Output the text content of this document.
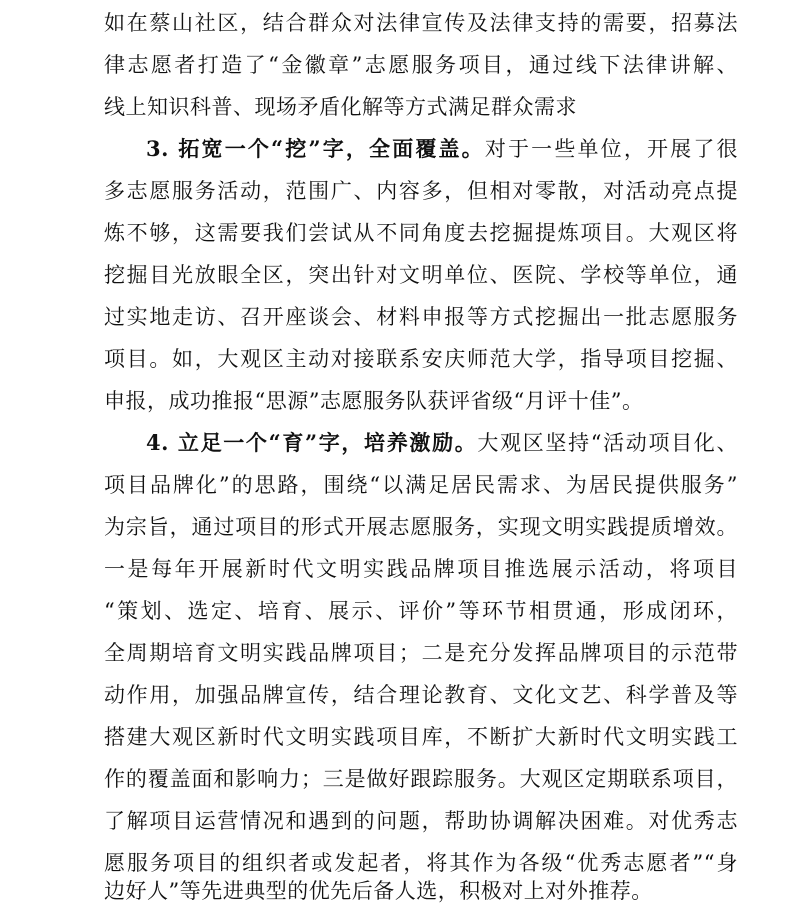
如在蔡山社区，结合群众对法律宣传及法律支持的需要，招募法
律志愿者打造了“金徽章”志愿服务项目，通过线下法律讲解、
线上知识科普、现场矛盾化解等方式满足群众需求
3. 拓宽一个“挖”字，全面覆盖。对于一些单位，开展了很
多志愿服务活动，范围广、内容多，但相对零散，对活动亮点提
炼不够，这需要我们尝试从不同角度去挖掘提炼项目。大观区将
挖掘目光放眼全区，突出针对文明单位、医院、学校等单位，通
过实地走访、召开座谈会、材料申报等方式挖掘出一批志愿服务
项目。如，大观区主动对接联系安庆师范大学，指导项目挖掘、
申报，成功推报“思源”志愿服务队获评省级“月评十佳”。
4. 立足一个“育”字，培养激励。大观区坚持“活动项目化、
项目品牌化”的思路，围绕“以满足居民需求、为居民提供服务”
为宗旨，通过项目的形式开展志愿服务，实现文明实践提质增效。
一是每年开展新时代文明实践品牌项目推选展示活动，将项目
“策划、选定、培育、展示、评价”等环节相贯通，形成闭环，
全周期培育文明实践品牌项目；二是充分发挥品牌项目的示范带
动作用，加强品牌宣传，结合理论教育、文化文艺、科学普及等
搭建大观区新时代文明实践项目库，不断扩大新时代文明实践工
作的覆盖面和影响力；三是做好跟踪服务。大观区定期联系项目，
了解项目运营情况和遇到的问题，帮助协调解决困难。对优秀志
愿服务项目的组织者或发起者，将其作为各级“优秀志愿者”“身
边好人”等先进典型的优先后备人选，积极对上对外推荐。
